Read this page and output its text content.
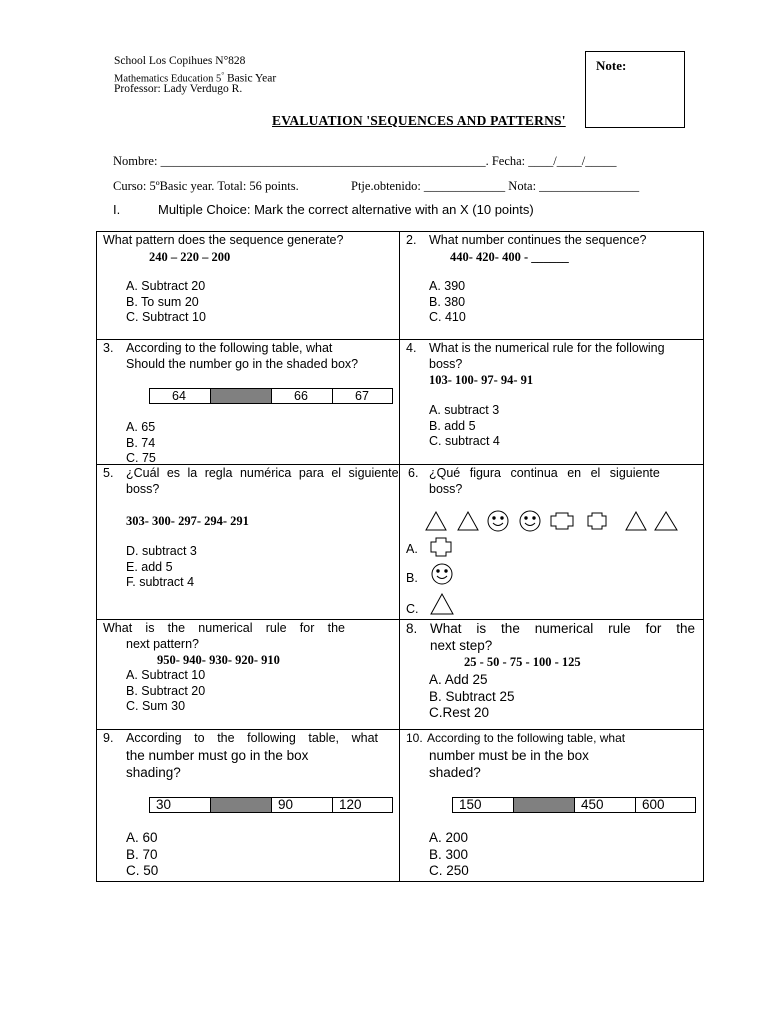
School Los Copihues N°828
Mathematics Education 5° Basic Year
Professor: Lady Verdugo R.
Note:
EVALUATION 'SEQUENCES AND PATTERNS'
Nombre: ____________________________________________________. Fecha: ____/____/_____
Curso: 5ºBasic year. Total: 56 points.	Ptje.obtenido: _____________ Nota: ________________
I.	Multiple Choice: Mark the correct alternative with an X (10 points)
What pattern does the sequence generate?
240 – 220 – 200
A. Subtract 20
B. To sum 20
C. Subtract 10

2. What number continues the sequence?
440- 420- 400 - ______
A. 390
B. 380
C. 410

3. According to the following table, what
Should the number go in the shaded box?
64		66	67
A. 65
B. 74
C. 75

4. What is the numerical rule for the following
boss?
103- 100- 97- 94- 91
A. subtract 3
B. add 5
C. subtract 4

5. ¿Cuál es la regla numérica para el siguiente
boss?
303- 300- 297- 294- 291
D. subtract 3
E. add 5
F. subtract 4

6. ¿Qué figura continua en el siguiente
boss?
A.
B.
C.

What is the numerical rule for the
next pattern?
950- 940- 930- 920- 910
A. Subtract 10
B. Subtract 20
C. Sum 30

8. What is the numerical rule for the
next step?
25 - 50 - 75 - 100 - 125
A. Add 25
B. Subtract 25
C.Rest 20

9. According to the following table, what
the number must go in the box
shading?
30		90	120
A. 60
B. 70
C. 50

10. According to the following table, what
number must be in the box
shaded?
150		450	600
A. 200
B. 300
C. 250
